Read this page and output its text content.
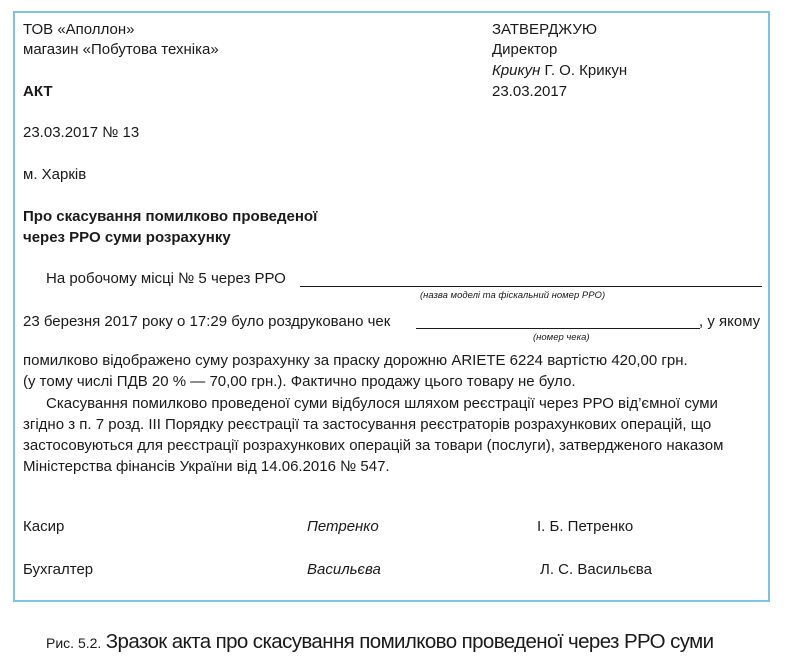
ТОВ «Аполлон»
магазин «Побутова техніка»
АКТ
ЗАТВЕРДЖУЮ
Директор
Крикун Г. О. Крикун
23.03.2017
23.03.2017 № 13
м. Харків
Про скасування помилково проведеної
через РРО суми розрахунку
На робочому місці № 5 через РРО
(назва моделі та фіскальний номер РРО)
23 березня 2017 року о 17:29 було роздруковано чек	, у якому
(номер чека)
помилково відображено суму розрахунку за праску дорожню ARIETE 6224 вартістю 420,00 грн.
(у тому числі ПДВ 20 % — 70,00 грн.). Фактично продажу цього товару не було.
Скасування помилково проведеної суми відбулося шляхом реєстрації через РРО від’ємної суми
згідно з п. 7 розд. ІІІ Порядку реєстрації та застосування реєстраторів розрахункових операцій, що
застосовуються для реєстрації розрахункових операцій за товари (послуги), затвердженого наказом
Міністерства фінансів України від 14.06.2016 № 547.
Касир	Петренко	І. Б. Петренко
Бухгалтер	Васильєва	Л. С. Васильєва
Рис. 5.2. Зразок акта про скасування помилково проведеної через РРО суми
